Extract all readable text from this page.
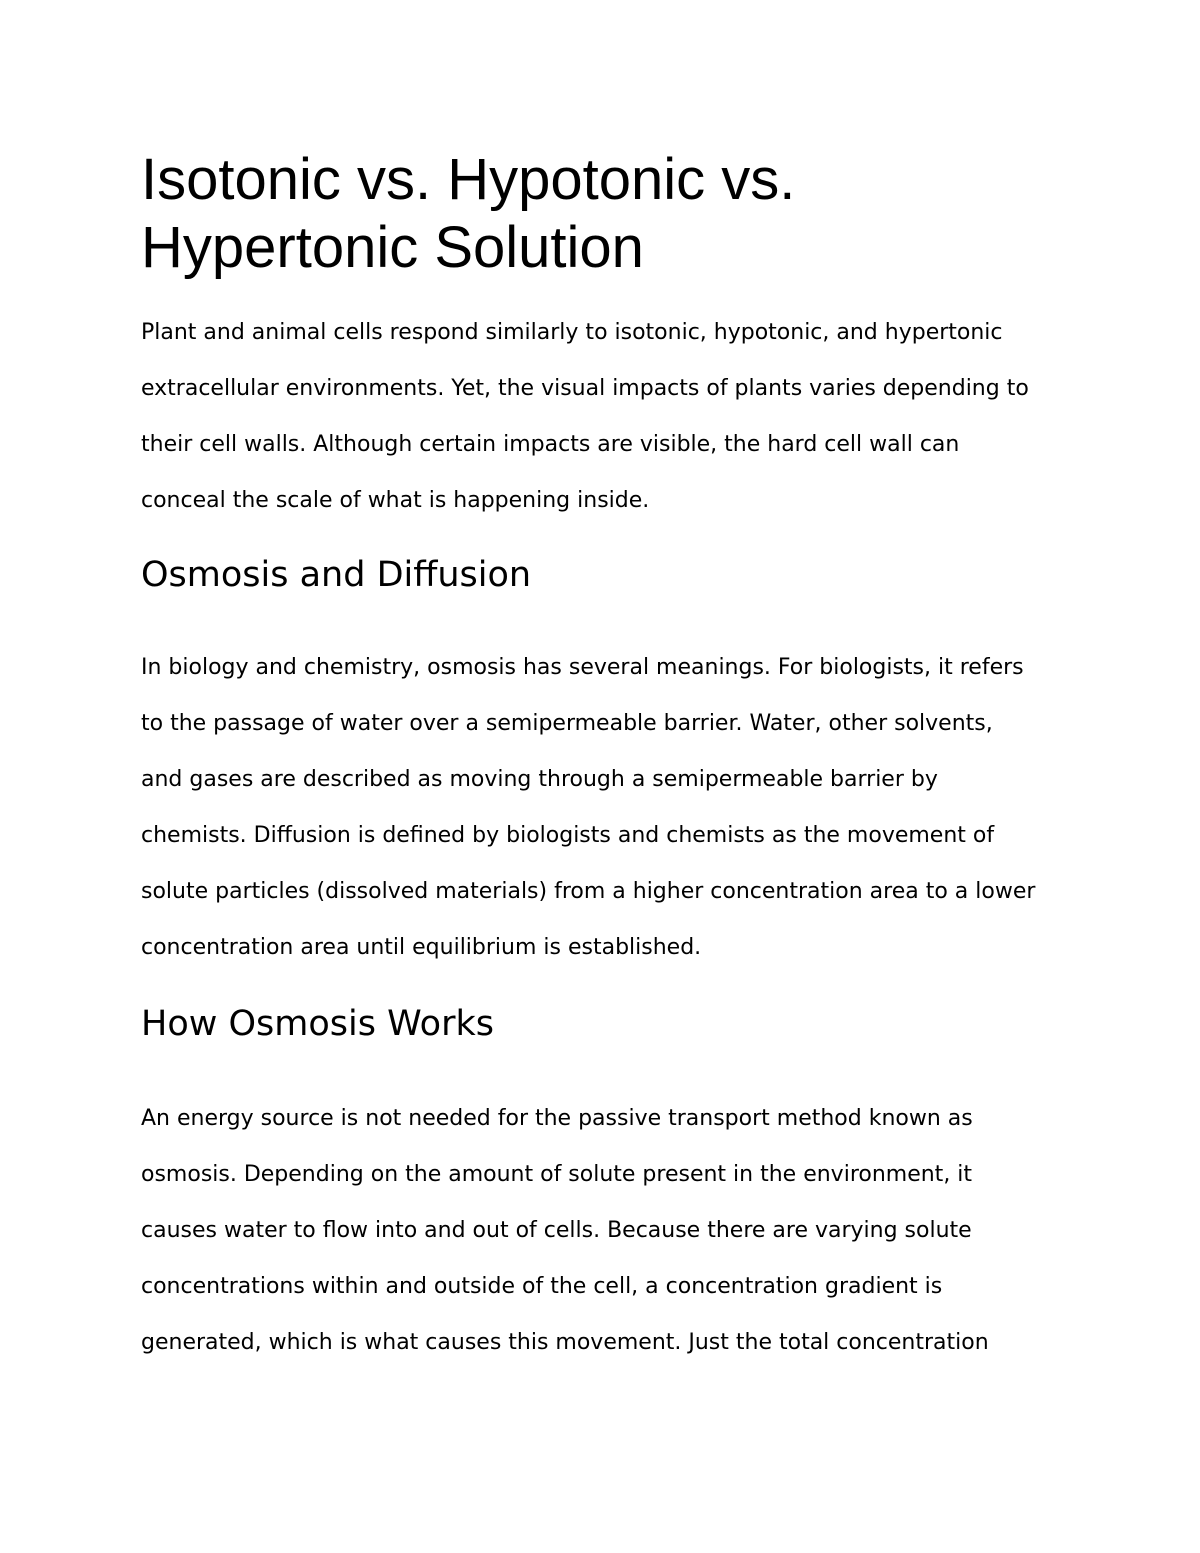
Isotonic vs. Hypotonic vs.
Hypertonic Solution

Plant and animal cells respond similarly to isotonic, hypotonic, and hypertonic
extracellular environments. Yet, the visual impacts of plants varies depending to
their cell walls. Although certain impacts are visible, the hard cell wall can
conceal the scale of what is happening inside.

Osmosis and Diffusion

In biology and chemistry, osmosis has several meanings. For biologists, it refers
to the passage of water over a semipermeable barrier. Water, other solvents,
and gases are described as moving through a semipermeable barrier by
chemists. Diffusion is defined by biologists and chemists as the movement of
solute particles (dissolved materials) from a higher concentration area to a lower
concentration area until equilibrium is established.

How Osmosis Works

An energy source is not needed for the passive transport method known as
osmosis. Depending on the amount of solute present in the environment, it
causes water to flow into and out of cells. Because there are varying solute
concentrations within and outside of the cell, a concentration gradient is
generated, which is what causes this movement. Just the total concentration
